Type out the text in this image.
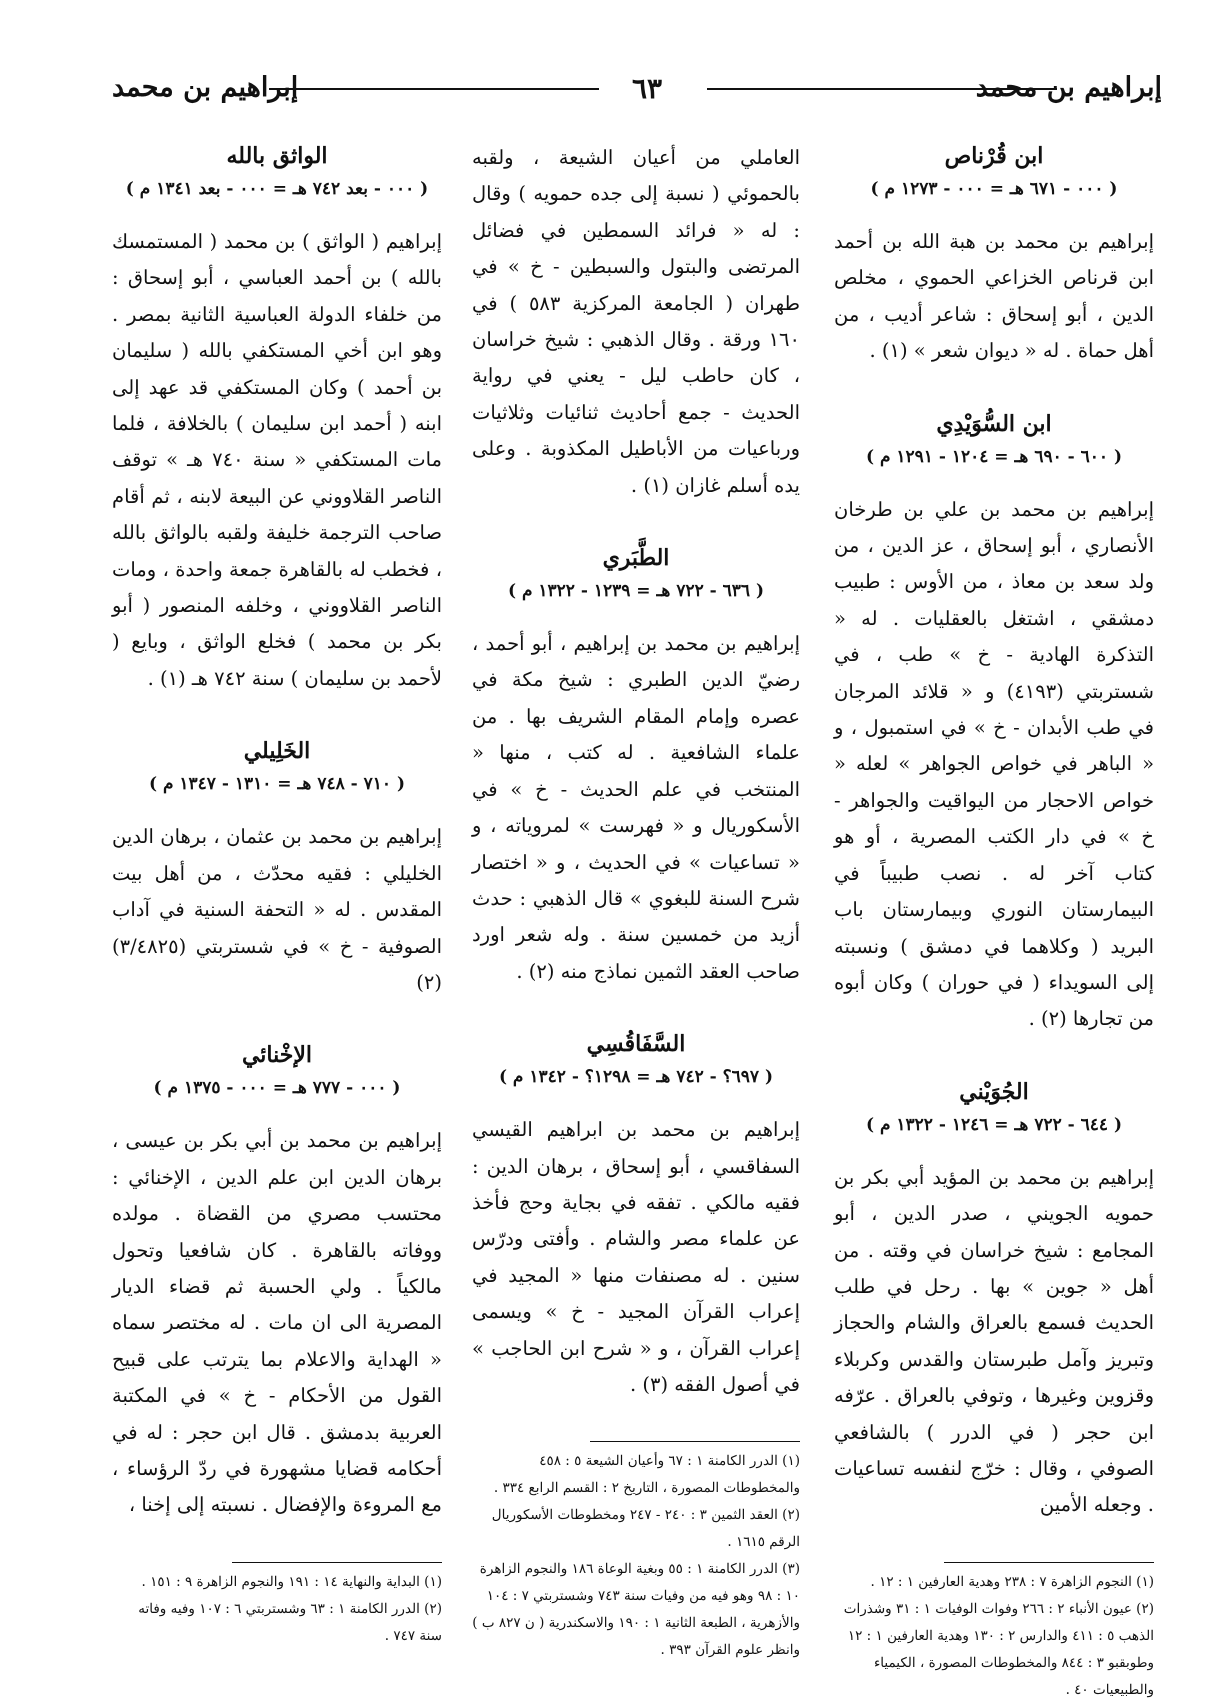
إبراهيم بن محمد
٦٣
إبراهيم بن محمد
ابن قُرْناص
( ٠٠٠ - ٦٧١ هـ = ٠٠٠ - ١٢٧٣ م )

إبراهيم بن محمد بن هبة الله بن أحمد ابن قرناص الخزاعي الحموي ، مخلص الدين ، أبو إسحاق : شاعر أديب ، من أهل حماة . له « ديوان شعر » (١) .

ابن السُّوَيْدِي
( ٦٠٠ - ٦٩٠ هـ = ١٢٠٤ - ١٢٩١ م )

إبراهيم بن محمد بن علي بن طرخان الأنصاري ، أبو إسحاق ، عز الدين ، من ولد سعد بن معاذ ، من الأوس : طبيب دمشقي ، اشتغل بالعقليات . له « التذكرة الهادية - خ » طب ، في شستربتي (٤١٩٣) و « قلائد المرجان في طب الأبدان - خ » في استمبول ، و « الباهر في خواص الجواهر » لعله « خواص الاحجار من اليواقيت والجواهر - خ » في دار الكتب المصرية ، أو هو كتاب آخر له . نصب طبيباً في البيمارستان النوري وبيمارستان باب البريد ( وكلاهما في دمشق ) ونسبته إلى السويداء ( في حوران ) وكان أبوه من تجارها (٢) .

الجُوَيْني
( ٦٤٤ - ٧٢٢ هـ = ١٢٤٦ - ١٣٢٢ م )

إبراهيم بن محمد بن المؤيد أبي بكر بن حمويه الجويني ، صدر الدين ، أبو المجامع : شيخ خراسان في وقته . من أهل « جوين » بها . رحل في طلب الحديث فسمع بالعراق والشام والحجاز وتبريز وآمل طبرستان والقدس وكربلاء وقزوين وغيرها ، وتوفي بالعراق . عرّفه ابن حجر ( في الدرر ) بالشافعي الصوفي ، وقال : خرّج لنفسه تساعيات . وجعله الأمين

(١) النجوم الزاهرة ٧ : ٢٣٨ وهدية العارفين ١ : ١٢ .

(٢) عيون الأنباء ٢ : ٢٦٦ وفوات الوفيات ١ : ٣١ وشذرات الذهب ٥ : ٤١١ والدارس ٢ : ١٣٠ وهدية العارفين ١ : ١٢ وطوبقبو ٣ : ٨٤٤ والمخطوطات المصورة ، الكيمياء والطبيعيات ٤٠ .

العاملي من أعيان الشيعة ، ولقبه بالحموئي ( نسبة إلى جده حمويه ) وقال : له « فرائد السمطين في فضائل المرتضى والبتول والسبطين - خ » في طهران ( الجامعة المركزية ٥٨٣ ) في ١٦٠ ورقة . وقال الذهبي : شيخ خراسان ، كان حاطب ليل - يعني في رواية الحديث - جمع أحاديث ثنائيات وثلاثيات ورباعيات من الأباطيل المكذوبة . وعلى يده أسلم غازان (١) .

الطَّبَري
( ٦٣٦ - ٧٢٢ هـ = ١٢٣٩ - ١٣٢٢ م )

إبراهيم بن محمد بن إبراهيم ، أبو أحمد ، رضيّ الدين الطبري : شيخ مكة في عصره وإمام المقام الشريف بها . من علماء الشافعية . له كتب ، منها « المنتخب في علم الحديث - خ » في الأسكوريال و « فهرست » لمروياته ، و « تساعيات » في الحديث ، و « اختصار شرح السنة للبغوي » قال الذهبي : حدث أزيد من خمسين سنة . وله شعر اورد صاحب العقد الثمين نماذج منه (٢) .

السَّفَاقُسِي
( ٦٩٧؟ - ٧٤٢ هـ = ١٢٩٨؟ - ١٣٤٢ م )

إبراهيم بن محمد بن ابراهيم القيسي السفاقسي ، أبو إسحاق ، برهان الدين : فقيه مالكي . تفقه في بجاية وحج فأخذ عن علماء مصر والشام . وأفتى ودرّس سنين . له مصنفات منها « المجيد في إعراب القرآن المجيد - خ » ويسمى إعراب القرآن ، و « شرح ابن الحاجب » في أصول الفقه (٣) .

(١) الدرر الكامنة ١ : ٦٧ وأعيان الشيعة ٥ : ٤٥٨ والمخطوطات المصورة ، التاريخ ٢ : القسم الرابع ٣٣٤ .

(٢) العقد الثمين ٣ : ٢٤٠ - ٢٤٧ ومخطوطات الأسكوريال الرقم ١٦١٥ .

(٣) الدرر الكامنة ١ : ٥٥ وبغية الوعاة ١٨٦ والنجوم الزاهرة ١٠ : ٩٨ وهو فيه من وفيات سنة ٧٤٣ وشستربتي ٧ : ١٠٤ والأزهرية ، الطبعة الثانية ١ : ١٩٠ والاسكندرية ( ن ٨٢٧ ب ) وانظر علوم القرآن ٣٩٣ .

الواثق بالله
( ٠٠٠ - بعد ٧٤٢ هـ = ٠٠٠ - بعد ١٣٤١ م )

إبراهيم ( الواثق ) بن محمد ( المستمسك بالله ) بن أحمد العباسي ، أبو إسحاق : من خلفاء الدولة العباسية الثانية بمصر . وهو ابن أخي المستكفي بالله ( سليمان بن أحمد ) وكان المستكفي قد عهد إلى ابنه ( أحمد ابن سليمان ) بالخلافة ، فلما مات المستكفي « سنة ٧٤٠ هـ » توقف الناصر القلاووني عن البيعة لابنه ، ثم أقام صاحب الترجمة خليفة ولقبه بالواثق بالله ، فخطب له بالقاهرة جمعة واحدة ، ومات الناصر القلاووني ، وخلفه المنصور ( أبو بكر بن محمد ) فخلع الواثق ، وبايع ( لأحمد بن سليمان ) سنة ٧٤٢ هـ (١) .

الخَلِيلي
( ٧١٠ - ٧٤٨ هـ = ١٣١٠ - ١٣٤٧ م )

إبراهيم بن محمد بن عثمان ، برهان الدين الخليلي : فقيه محدّث ، من أهل بيت المقدس . له « التحفة السنية في آداب الصوفية - خ » في شستربتي (٣/٤٨٢٥) (٢)

الإخْنائي
( ٠٠٠ - ٧٧٧ هـ = ٠٠٠ - ١٣٧٥ م )

إبراهيم بن محمد بن أبي بكر بن عيسى ، برهان الدين ابن علم الدين ، الإخنائي : محتسب مصري من القضاة . مولده ووفاته بالقاهرة . كان شافعيا وتحول مالكياً . ولي الحسبة ثم قضاء الديار المصرية الى ان مات . له مختصر سماه « الهداية والاعلام بما يترتب على قبيح القول من الأحكام - خ » في المكتبة العربية بدمشق . قال ابن حجر : له في أحكامه قضايا مشهورة في ردّ الرؤساء ، مع المروءة والإفضال . نسبته إلى إخنا ،

(١) البداية والنهاية ١٤ : ١٩١ والنجوم الزاهرة ٩ : ١٥١ .

(٢) الدرر الكامنة ١ : ٦٣ وشستربتي ٦ : ١٠٧ وفيه وفاته سنة ٧٤٧ .
